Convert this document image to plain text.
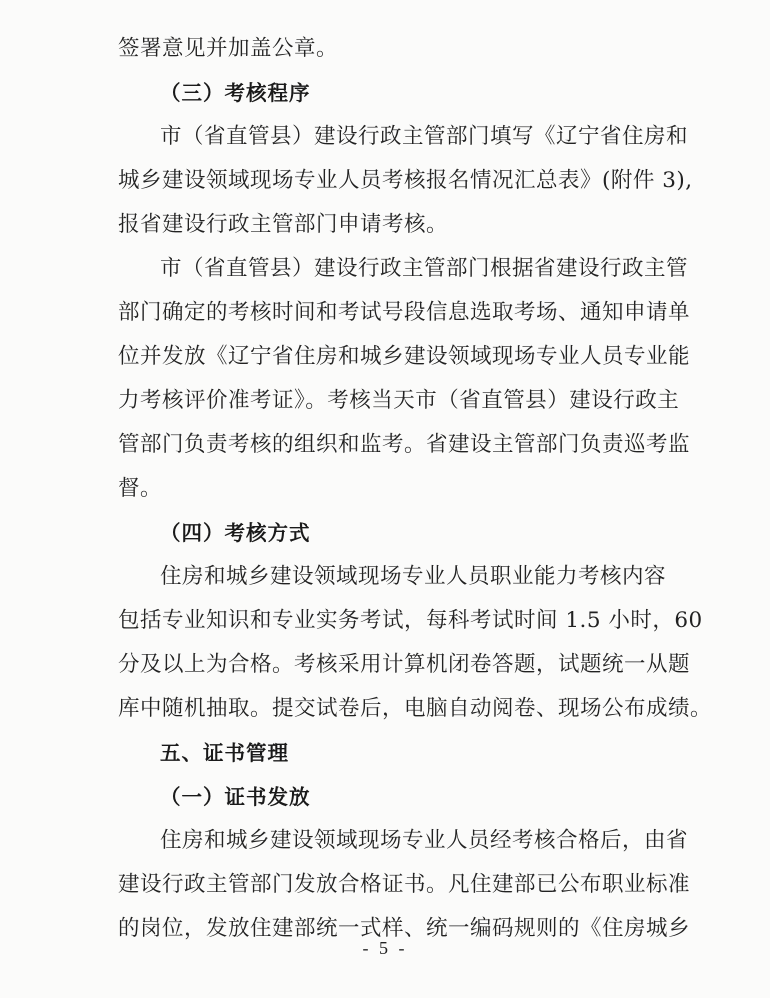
签署意见并加盖公章。
（三）考核程序
市（省直管县）建设行政主管部门填写《辽宁省住房和
城乡建设领域现场专业人员考核报名情况汇总表》(附件 3),
报省建设行政主管部门申请考核。
市（省直管县）建设行政主管部门根据省建设行政主管
部门确定的考核时间和考试号段信息选取考场、通知申请单
位并发放《辽宁省住房和城乡建设领域现场专业人员专业能
力考核评价准考证》。考核当天市（省直管县）建设行政主
管部门负责考核的组织和监考。省建设主管部门负责巡考监
督。
（四）考核方式
住房和城乡建设领域现场专业人员职业能力考核内容
包括专业知识和专业实务考试，每科考试时间 1.5 小时，60
分及以上为合格。考核采用计算机闭卷答题，试题统一从题
库中随机抽取。提交试卷后，电脑自动阅卷、现场公布成绩。
五、证书管理
（一）证书发放
住房和城乡建设领域现场专业人员经考核合格后，由省
建设行政主管部门发放合格证书。凡住建部已公布职业标准
的岗位，发放住建部统一式样、统一编码规则的《住房城乡
- 5 -
